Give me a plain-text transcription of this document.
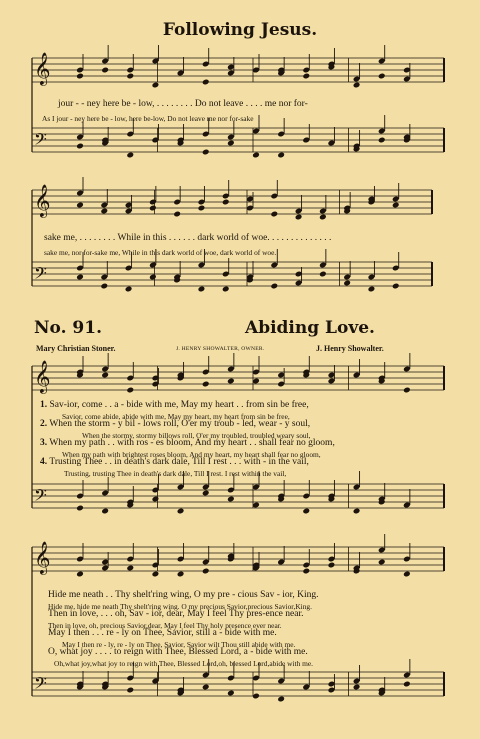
𝄞
𝄢
𝄞
𝄢
𝄞
𝄢
𝄞
𝄢
Following Jesus.
jour - - ney here be - low, . . . . . . . . Do not leave . . . . me nor for-
As I jour - ney here be - low, here be-low, Do not leave me nor for-sake
sake me, . . . . . . . . While in this . . . . . . dark world of woe. . . . . . . . . . . . . .
sake me, nor for-sake me, While in this dark world of woe, dark world of woe.
No. 91.	Abiding Love.
Mary Christian Stoner.	J. HENRY SHOWALTER, OWNER.	J. Henry Showalter.
1. Sav-ior, come . . a - bide with me, May my heart . . from sin be free,
Savior, come abide, abide with me, May my heart, my heart from sin be free,
2. When the storm - y bil - lows roll, O'er my troub - led, wear - y soul,
When the stormy, stormy billows roll, O'er my troubled, troubled weary soul,
3. When my path . . with ros - es bloom, And my heart . . shall fear no gloom,
When my path with brightest roses bloom, And my heart, my heart shall fear no gloom,
4. Trusting Thee . . in death's dark dale, Till I rest . . . with - in the vail,
Trusting, trusting Thee in death's dark dale, Till I rest. I rest within the vail,
Hide me neath . . Thy shelt'ring wing, O my pre - cious Sav - ior, King.
Hide me, hide me neath Thy shelt'ring wing. O my precious Savior,precious Savior,King.
Then in love, . . . oh, Sav - ior, dear, May I feel Thy pres-ence near.
Then in love, oh, precious Savior,dear, May I feel Thy holy presence ever near.
May I then . . . re - ly on Thee, Savior, still a - bide with me.
May I then re - ly, re - ly on Thee, Savior, Savior wilt Thou still abide with me.
O, what joy . . . . to reign with Thee, Blessed Lord, a - bide with me.
Oh,what joy,what joy to reign with Thee, Blessed Lord,oh, blessed Lord,abide with me.
